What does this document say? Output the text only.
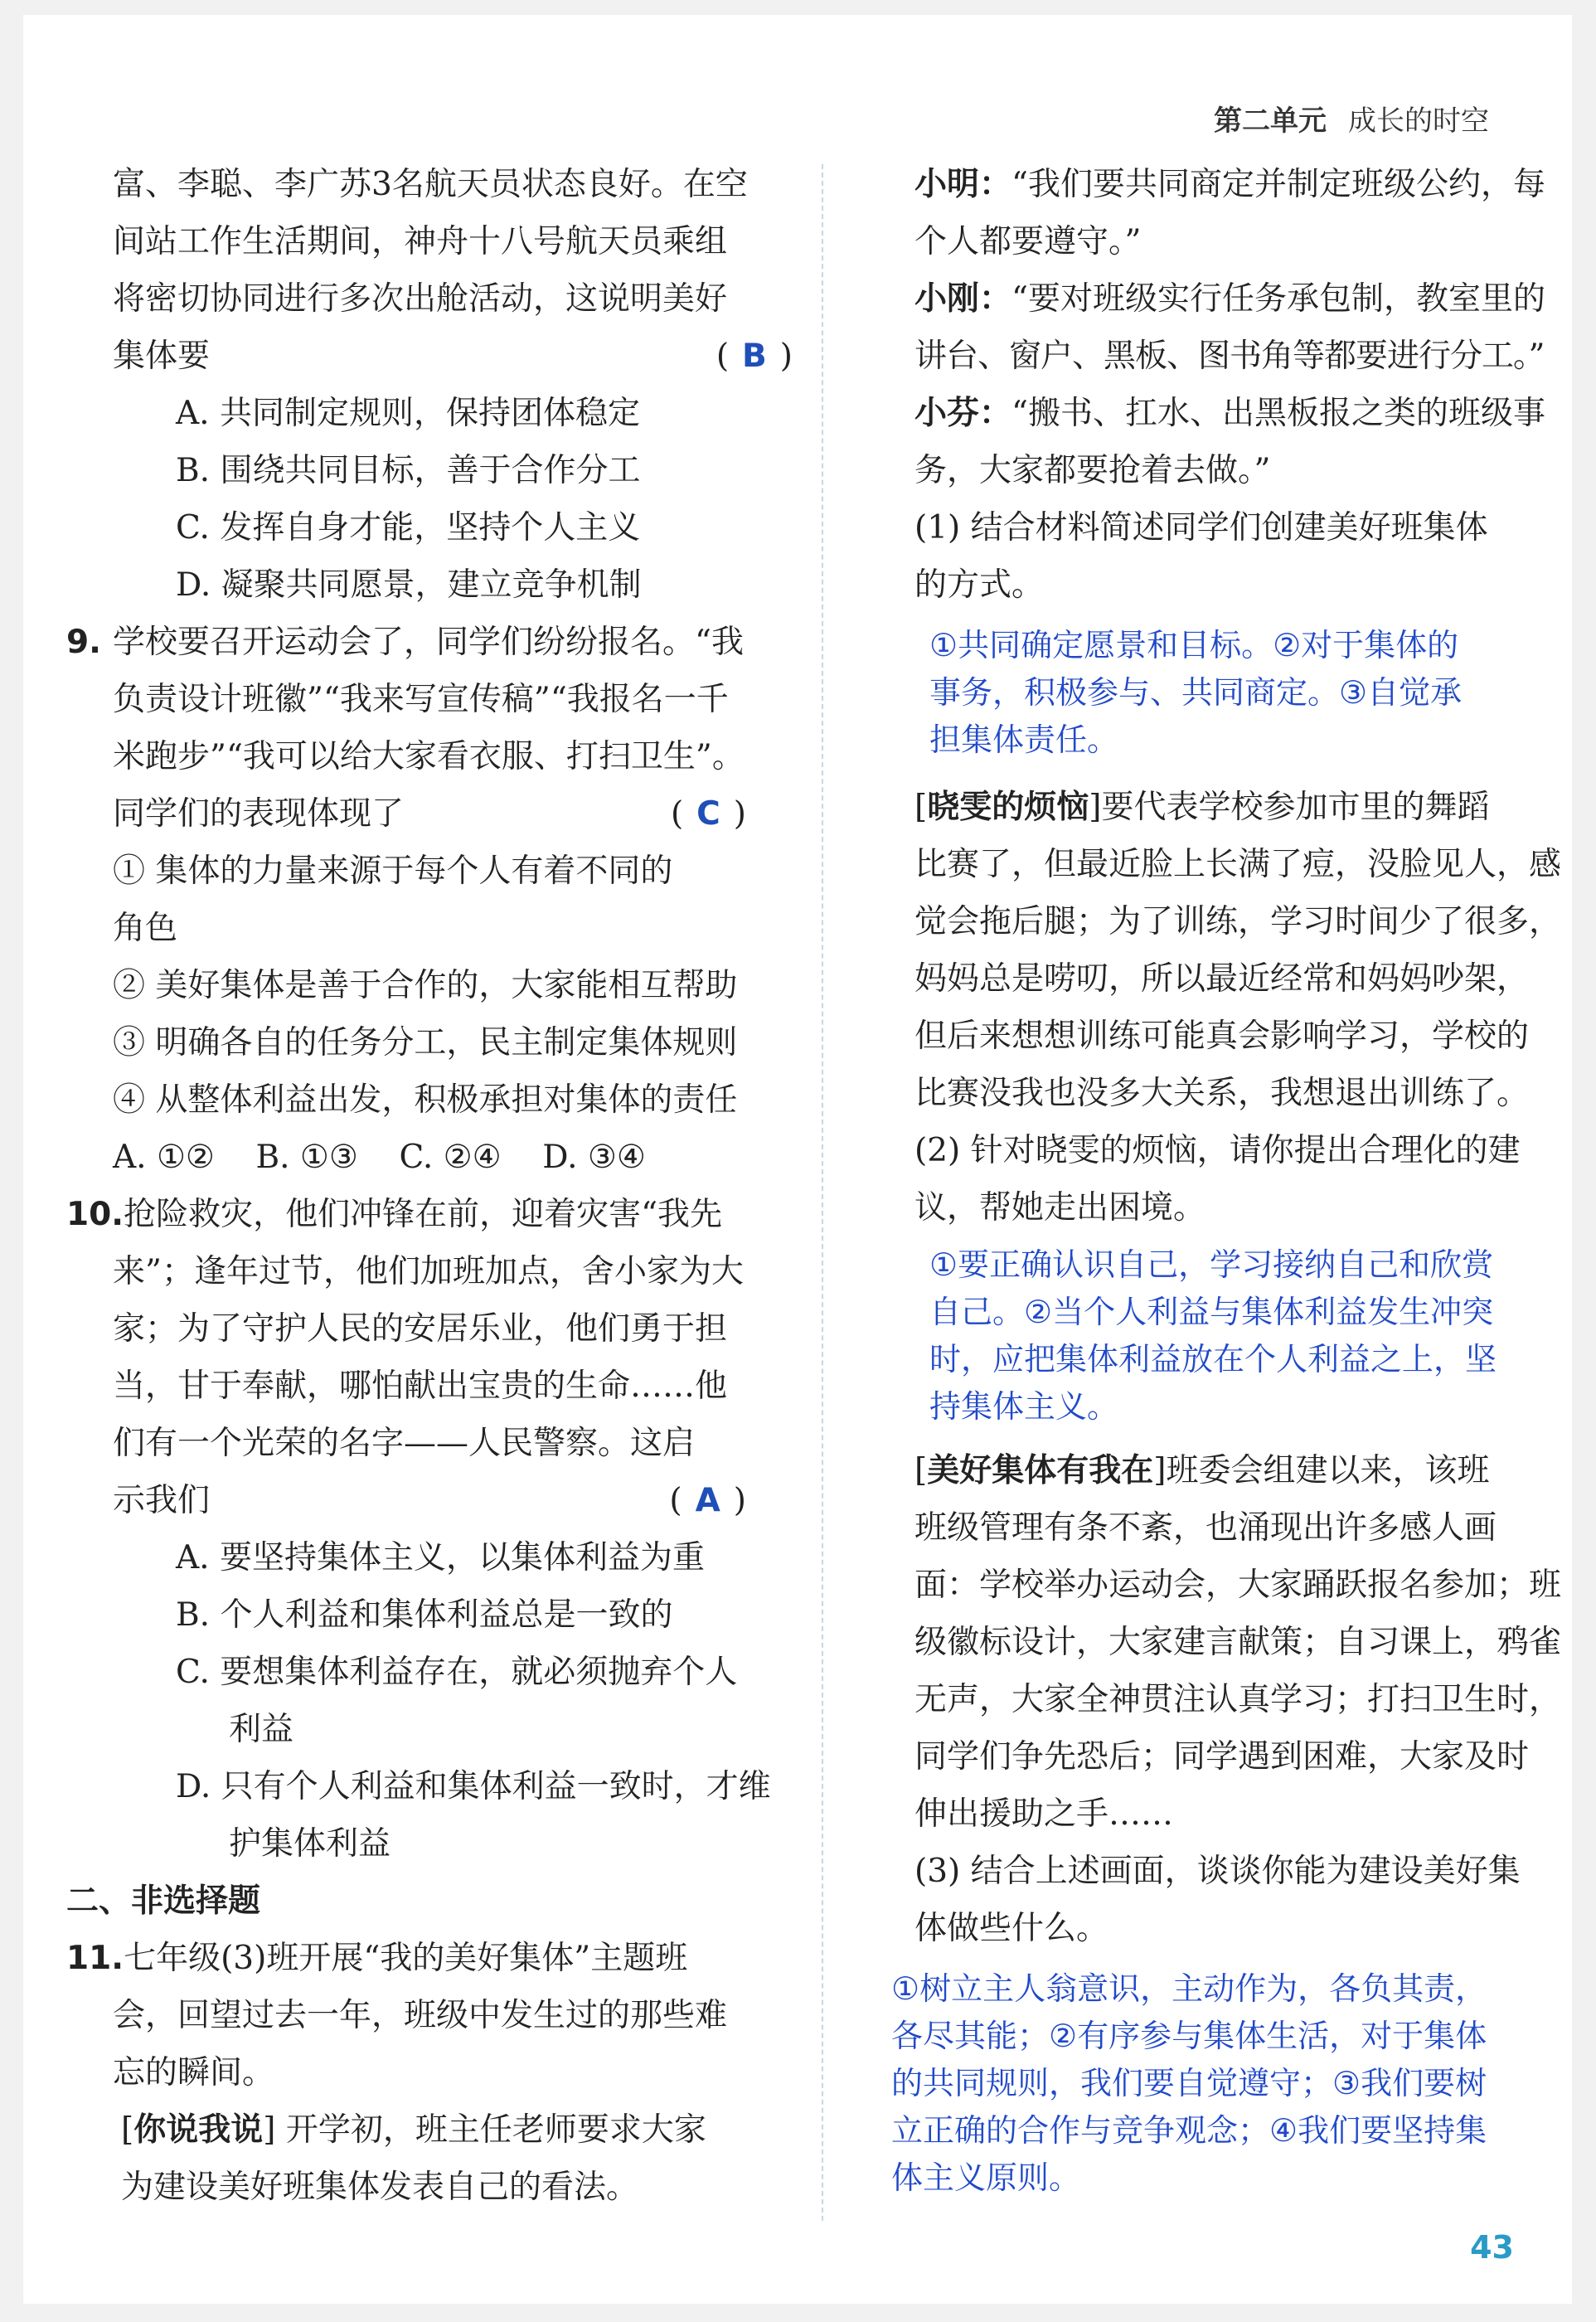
第二单元 成长的时空
富、李聪、李广苏3名航天员状态良好。在空
间站工作生活期间，神舟十八号航天员乘组
将密切协同进行多次出舱活动，这说明美好
集体要	( B )
A. 共同制定规则，保持团体稳定
B. 围绕共同目标，善于合作分工
C. 发挥自身才能，坚持个人主义
D. 凝聚共同愿景，建立竞争机制
9. 学校要召开运动会了，同学们纷纷报名。“我
负责设计班徽”“我来写宣传稿”“我报名一千
米跑步”“我可以给大家看衣服、打扫卫生”。
同学们的表现体现了	( C )
① 集体的力量来源于每个人有着不同的
角色
② 美好集体是善于合作的，大家能相互帮助
③ 明确各自的任务分工，民主制定集体规则
④ 从整体利益出发，积极承担对集体的责任
A. ①②    B. ①③    C. ②④    D. ③④
10.抢险救灾，他们冲锋在前，迎着灾害“我先
来”；逢年过节，他们加班加点，舍小家为大
家；为了守护人民的安居乐业，他们勇于担
当，甘于奉献，哪怕献出宝贵的生命……他
们有一个光荣的名字——人民警察。这启
示我们	( A )
A. 要坚持集体主义，以集体利益为重
B. 个人利益和集体利益总是一致的
C. 要想集体利益存在，就必须抛弃个人
利益
D. 只有个人利益和集体利益一致时，才维
护集体利益
二、非选择题
11.七年级(3)班开展“我的美好集体”主题班
会，回望过去一年，班级中发生过的那些难
忘的瞬间。
[ 你说我说 ] 开学初，班主任老师要求大家
为建设美好班集体发表自己的看法。
小明：“我们要共同商定并制定班级公约，每
个人都要遵守。”
小刚：“要对班级实行任务承包制，教室里的
讲台、窗户、黑板、图书角等都要进行分工。”
小芬：“搬书、扛水、出黑板报之类的班级事
务，大家都要抢着去做。”
(1) 结合材料简述同学们创建美好班集体
的方式。
①共同确定愿景和目标。②对于集体的
事务，积极参与、共同商定。③自觉承
担集体责任。
[ 晓雯的烦恼 ] 要代表学校参加市里的舞蹈
比赛了，但最近脸上长满了痘，没脸见人，感
觉会拖后腿；为了训练，学习时间少了很多，
妈妈总是唠叨，所以最近经常和妈妈吵架，
但后来想想训练可能真会影响学习，学校的
比赛没我也没多大关系，我想退出训练了。
(2) 针对晓雯的烦恼，请你提出合理化的建
议，帮她走出困境。
①要正确认识自己，学习接纳自己和欣赏
自己。②当个人利益与集体利益发生冲突
时，应把集体利益放在个人利益之上，坚
持集体主义。
[ 美好集体有我在 ] 班委会组建以来，该班
班级管理有条不紊，也涌现出许多感人画
面：学校举办运动会，大家踊跃报名参加；班
级徽标设计，大家建言献策；自习课上，鸦雀
无声，大家全神贯注认真学习；打扫卫生时，
同学们争先恐后；同学遇到困难，大家及时
伸出援助之手……
(3) 结合上述画面，谈谈你能为建设美好集
体做些什么。
①树立主人翁意识，主动作为，各负其责，
各尽其能；②有序参与集体生活，对于集体
的共同规则，我们要自觉遵守；③我们要树
立正确的合作与竞争观念；④我们要坚持集
体主义原则。
43
